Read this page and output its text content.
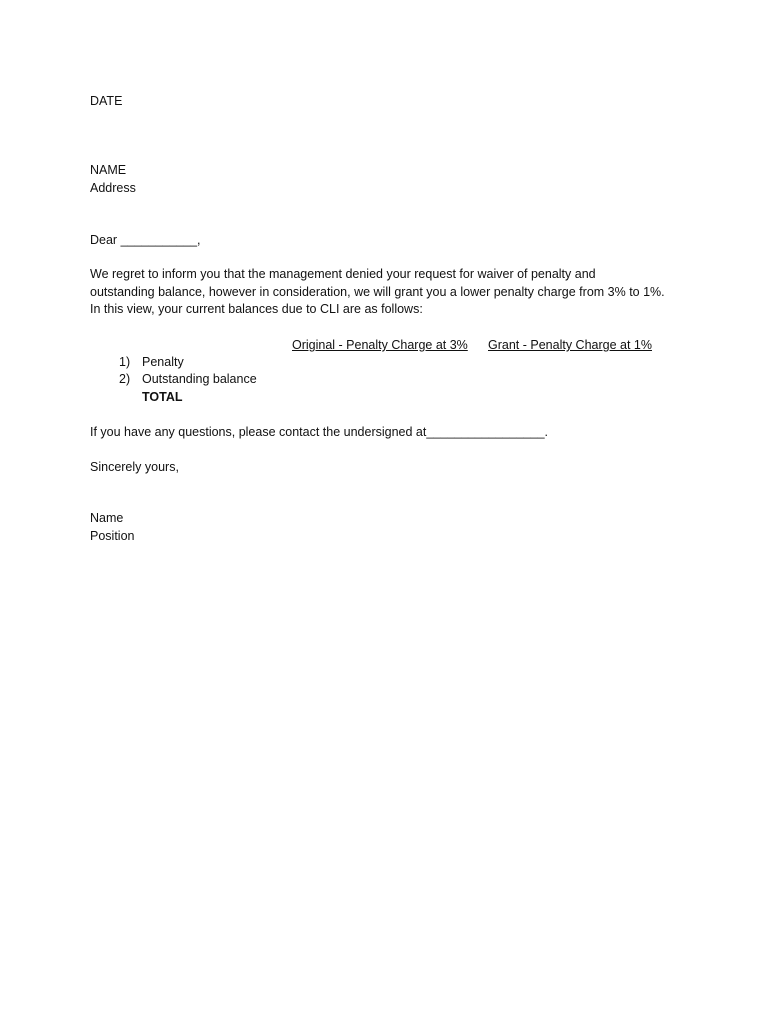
DATE
NAME
Address
Dear ___________,
We regret to inform you that the management denied your request for waiver of penalty and
outstanding balance, however in consideration, we will grant you a lower penalty charge from 3% to 1%.
In this view, your current balances due to CLI are as follows:
Original - Penalty Charge at 3% Grant - Penalty Charge at 1%
1) Penalty
2) Outstanding balance
TOTAL
If you have any questions, please contact the undersigned at_________________.
Sincerely yours,
Name
Position
